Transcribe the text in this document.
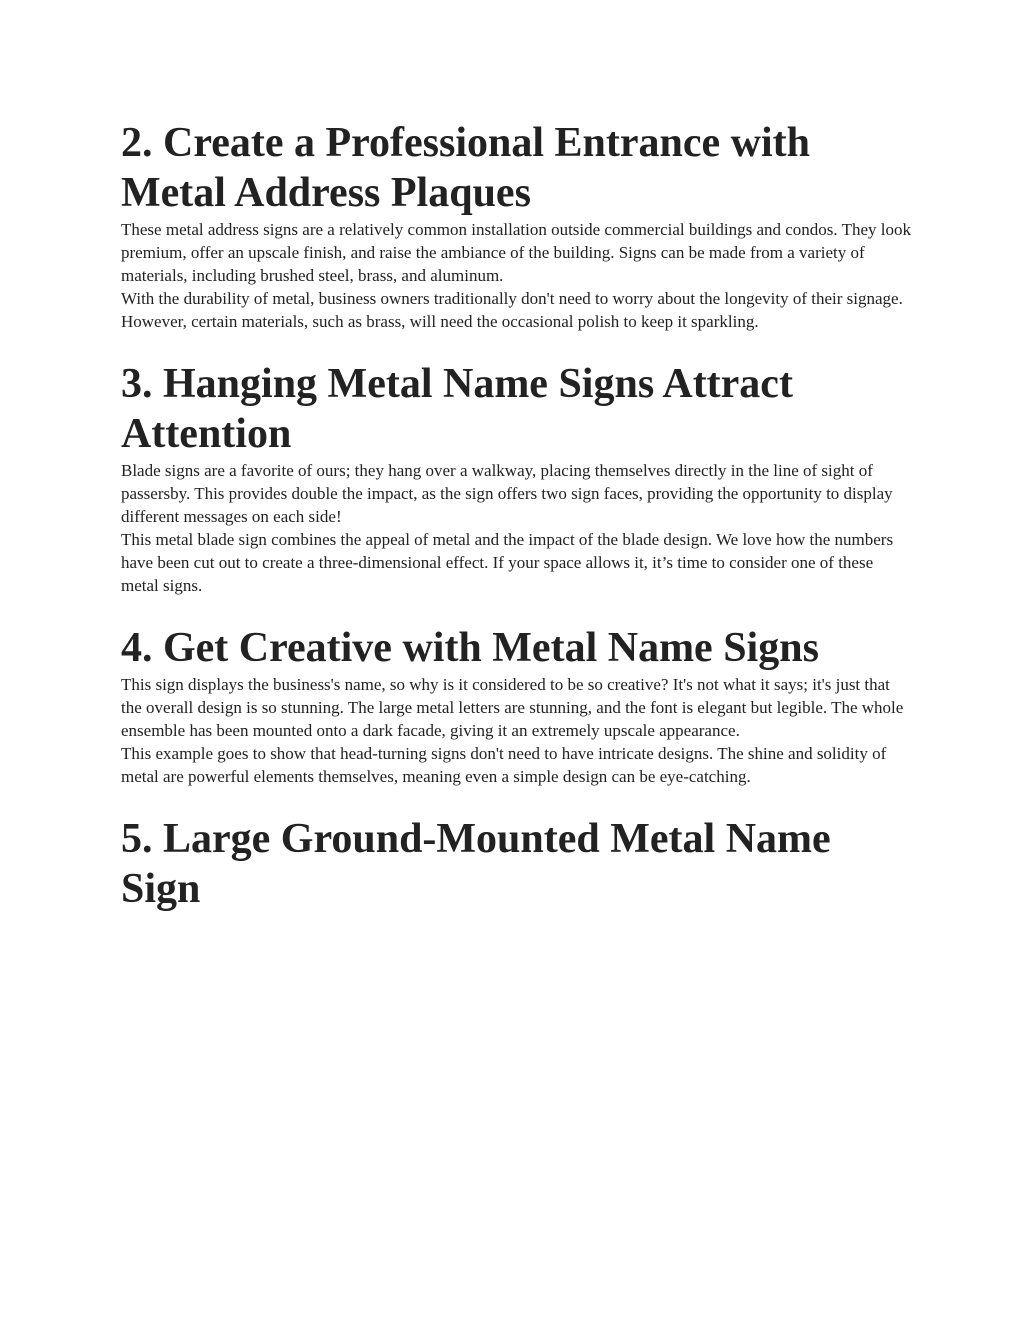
2. Create a Professional Entrance with Metal Address Plaques

These metal address signs are a relatively common installation outside commercial buildings and condos. They look premium, offer an upscale finish, and raise the ambiance of the building. Signs can be made from a variety of materials, including brushed steel, brass, and aluminum.

With the durability of metal, business owners traditionally don't need to worry about the longevity of their signage. However, certain materials, such as brass, will need the occasional polish to keep it sparkling.

3. Hanging Metal Name Signs Attract Attention

Blade signs are a favorite of ours; they hang over a walkway, placing themselves directly in the line of sight of passersby. This provides double the impact, as the sign offers two sign faces, providing the opportunity to display different messages on each side!

This metal blade sign combines the appeal of metal and the impact of the blade design. We love how the numbers have been cut out to create a three-dimensional effect. If your space allows it, it’s time to consider one of these metal signs.

4. Get Creative with Metal Name Signs

This sign displays the business's name, so why is it considered to be so creative? It's not what it says; it's just that the overall design is so stunning. The large metal letters are stunning, and the font is elegant but legible. The whole ensemble has been mounted onto a dark facade, giving it an extremely upscale appearance.

This example goes to show that head-turning signs don't need to have intricate designs. The shine and solidity of metal are powerful elements themselves, meaning even a simple design can be eye-catching.

5. Large Ground-Mounted Metal Name Sign
